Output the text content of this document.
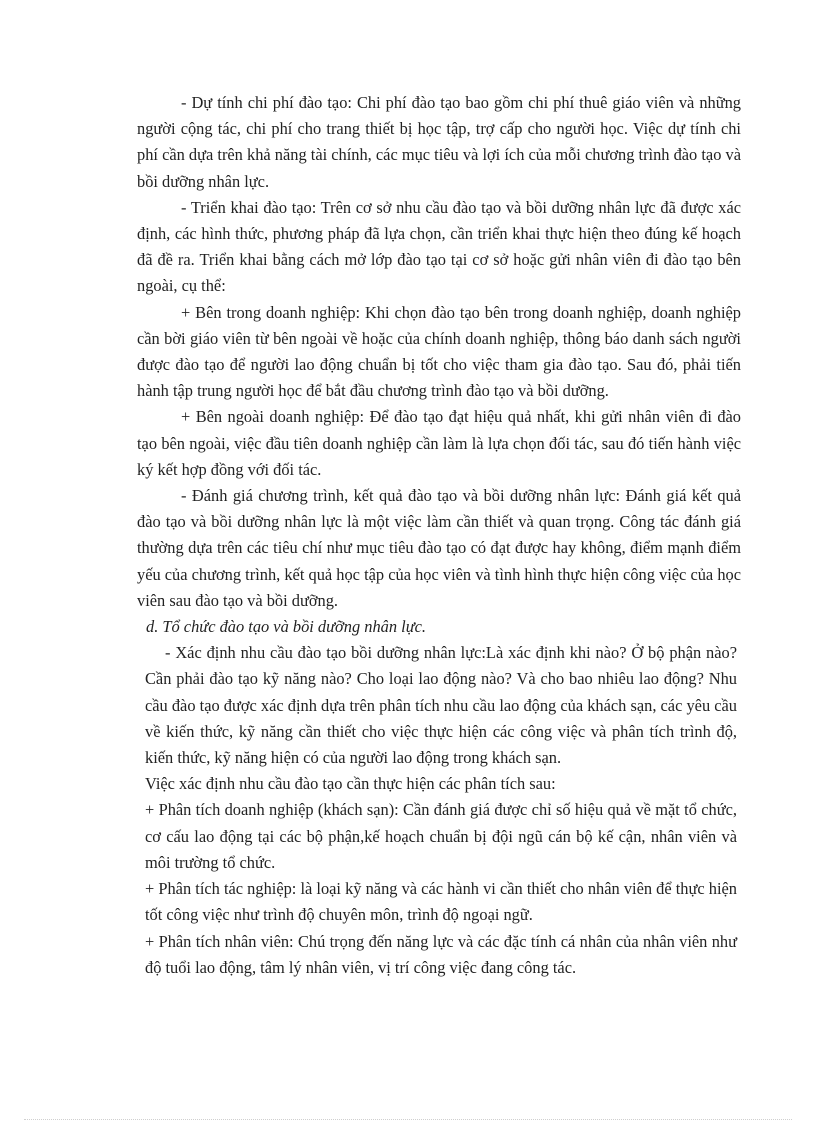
- Dự tính chi phí đào tạo: Chi phí đào tạo bao gồm chi phí thuê giáo viên và những người cộng tác, chi phí cho trang thiết bị học tập, trợ cấp cho người học. Việc dự tính chi phí cần dựa trên khả năng tài chính, các mục tiêu và lợi ích của mỗi chương trình đào tạo và bồi dưỡng nhân lực.

- Triển khai đào tạo: Trên cơ sở nhu cầu đào tạo và bồi dưỡng nhân lực đã được xác định, các hình thức, phương pháp đã lựa chọn, cần triển khai thực hiện theo đúng kế hoạch đã đề ra. Triển khai bằng cách mở lớp đào tạo tại cơ sở hoặc gửi nhân viên đi đào tạo bên ngoài, cụ thể:

+ Bên trong doanh nghiệp: Khi chọn đào tạo bên trong doanh nghiệp, doanh nghiệp cần bời giáo viên từ bên ngoài về hoặc của chính doanh nghiệp, thông báo danh sách người được đào tạo để người lao động chuẩn bị tốt cho việc tham gia đào tạo. Sau đó, phải tiến hành tập trung người học để bắt đầu chương trình đào tạo và bồi dưỡng.

+ Bên ngoài doanh nghiệp: Để đào tạo đạt hiệu quả nhất, khi gửi nhân viên đi đào tạo bên ngoài, việc đầu tiên doanh nghiệp cần làm là lựa chọn đối tác, sau đó tiến hành việc ký kết hợp đồng với đối tác.

- Đánh giá chương trình, kết quả đào tạo và bồi dưỡng nhân lực: Đánh giá kết quả đào tạo và bồi dưỡng nhân lực là một việc làm cần thiết và quan trọng. Công tác đánh giá thường dựa trên các tiêu chí như mục tiêu đào tạo có đạt được hay không, điểm mạnh điểm yếu của chương trình, kết quả học tập của học viên và tình hình thực hiện công việc của học viên sau đào tạo và bồi dưỡng.

d. Tổ chức đào tạo và bồi dưỡng nhân lực.

- Xác định nhu cầu đào tạo bồi dưỡng nhân lực:Là xác định khi nào? Ở bộ phận nào? Cần phải đào tạo kỹ năng nào? Cho loại lao động nào? Và cho bao nhiêu lao động? Nhu cầu đào tạo được xác định dựa trên phân tích nhu cầu lao động của khách sạn, các yêu cầu về kiến thức, kỹ năng cần thiết cho việc thực hiện các công việc và phân tích trình độ, kiến thức, kỹ năng hiện có của người lao động trong khách sạn.

Việc xác định nhu cầu đào tạo cần thực hiện các phân tích sau:

+ Phân tích doanh nghiệp (khách sạn): Cần đánh giá được chỉ số hiệu quả về mặt tổ chức, cơ cấu lao động tại các bộ phận,kế hoạch chuẩn bị đội ngũ cán bộ kế cận, nhân viên và môi trường tổ chức.

+ Phân tích tác nghiệp: là loại kỹ năng và các hành vi cần thiết cho nhân viên để thực hiện tốt công việc như trình độ chuyên môn, trình độ ngoại ngữ.

+ Phân tích nhân viên: Chú trọng đến năng lực và các đặc tính cá nhân của nhân viên như độ tuổi lao động, tâm lý nhân viên, vị trí công việc đang công tác.
